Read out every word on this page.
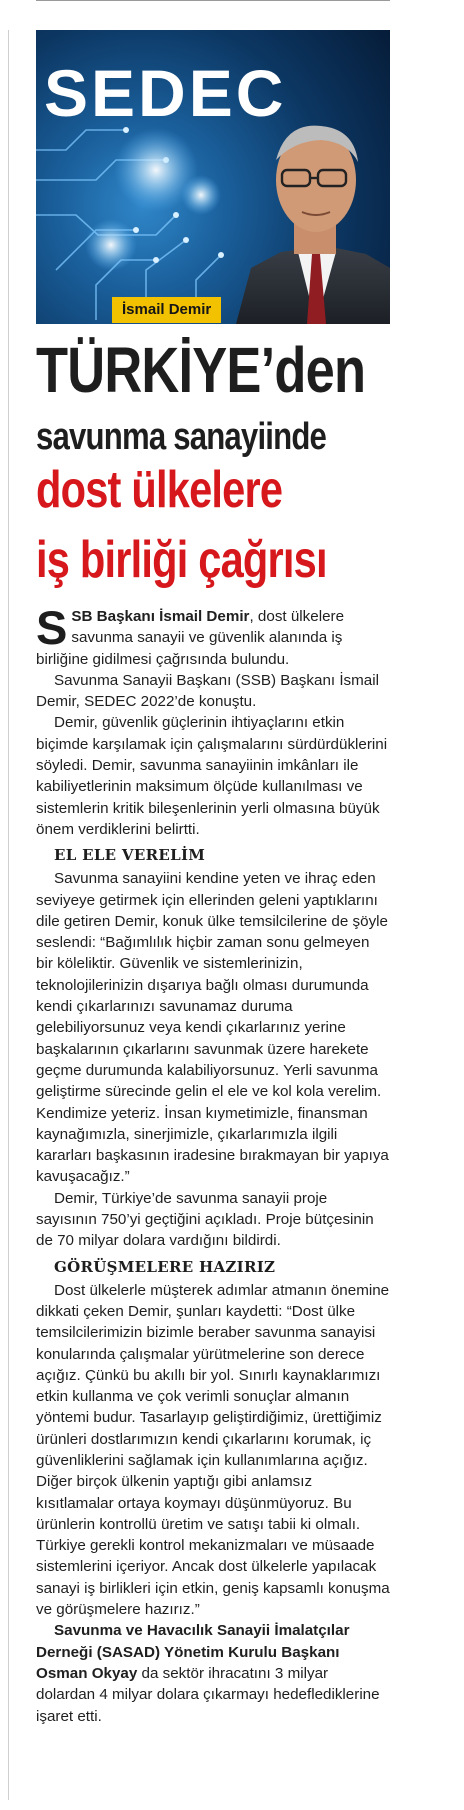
SEDEC
İsmail Demir
TÜRKİYE’den
savunma sanayiinde
dost ülkelere
iş birliği çağrısı

SSB Başkanı İsmail Demir, dost ülkelere savunma sanayii ve güvenlik alanında iş birliğine gidilmesi çağrısında bulundu.

Savunma Sanayii Başkanı (SSB) Başkanı İsmail Demir, SEDEC 2022’de konuştu.

Demir, güvenlik güçlerinin ihtiyaçlarını etkin biçimde karşılamak için çalışmalarını sürdürdüklerini söyledi. Demir, savunma sanayiinin imkânları ile kabiliyetlerinin maksimum ölçüde kullanılması ve sistemlerin kritik bileşenlerinin yerli olmasına büyük önem verdiklerini belirtti.

EL ELE VERELİM

Savunma sanayiini kendine yeten ve ihraç eden seviyeye getirmek için ellerinden geleni yaptıklarını dile getiren Demir, konuk ülke temsilcilerine de şöyle seslendi: “Bağımlılık hiçbir zaman sonu gelmeyen bir köleliktir. Güvenlik ve sistemlerinizin, teknolojilerinizin dışarıya bağlı olması durumunda kendi çıkarlarınızı savunamaz duruma gelebiliyorsunuz veya kendi çıkarlarınız yerine başkalarının çıkarlarını savunmak üzere harekete geçme durumunda kalabiliyorsunuz. Yerli savunma geliştirme sürecinde gelin el ele ve kol kola verelim. Kendimize yeteriz. İnsan kıymetimizle, finansman kaynağımızla, sinerjimizle, çıkarlarımızla ilgili kararları başkasının iradesine bırakmayan bir yapıya kavuşacağız.”

Demir, Türkiye’de savunma sanayii proje sayısının 750’yi geçtiğini açıkladı. Proje bütçesinin de 70 milyar dolara vardığını bildirdi.

GÖRÜŞMELERE HAZIRIZ

Dost ülkelerle müşterek adımlar atmanın önemine dikkati çeken Demir, şunları kaydetti: “Dost ülke temsilcilerimizin bizimle beraber savunma sanayisi konularında çalışmalar yürütmelerine son derece açığız. Çünkü bu akıllı bir yol. Sınırlı kaynaklarımızı etkin kullanma ve çok verimli sonuçlar almanın yöntemi budur. Tasarlayıp geliştirdiğimiz, ürettiğimiz ürünleri dostlarımızın kendi çıkarlarını korumak, iç güvenliklerini sağlamak için kullanımlarına açığız. Diğer birçok ülkenin yaptığı gibi anlamsız kısıtlamalar ortaya koymayı düşünmüyoruz. Bu ürünlerin kontrollü üretim ve satışı tabii ki olmalı. Türkiye gerekli kontrol mekanizmaları ve müsaade sistemlerini içeriyor. Ancak dost ülkelerle yapılacak sanayi iş birlikleri için etkin, geniş kapsamlı konuşma ve görüşmelere hazırız.”

Savunma ve Havacılık Sanayii İmalatçılar Derneği (SASAD) Yönetim Kurulu Başkanı Osman Okyay da sektör ihracatını 3 milyar dolardan 4 milyar dolara çıkarmayı hedeflediklerine işaret etti.
